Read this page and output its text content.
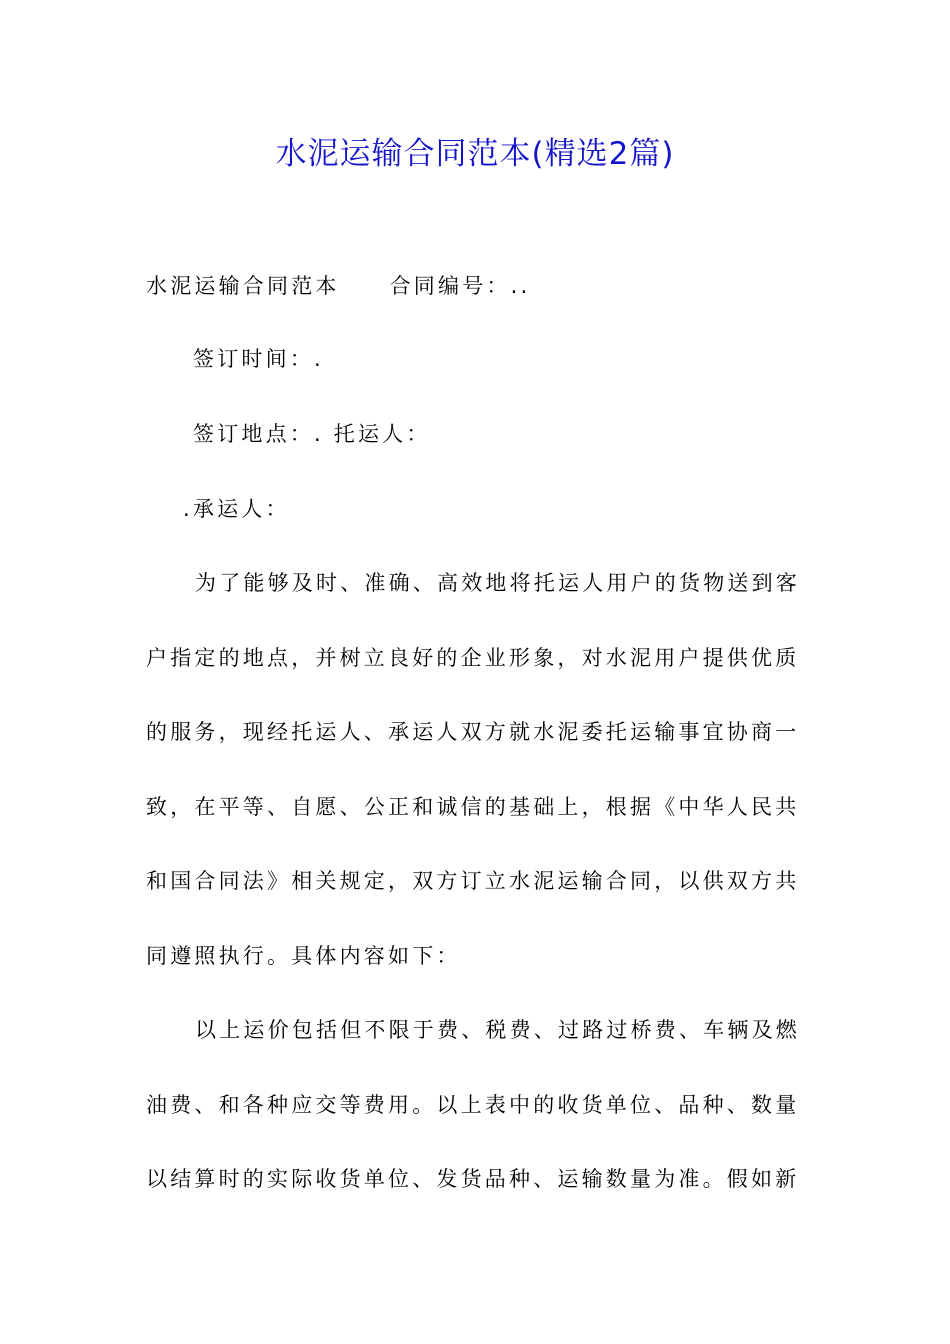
水泥运输合同范本(精选2篇)
水泥运输合同范本 合同编号：..
签订时间：.
签订地点：. 托运人：
.承运人：
为了能够及时、准确、高效地将托运人用户的货物送到客
户指定的地点，并树立良好的企业形象，对水泥用户提供优质
的服务，现经托运人、承运人双方就水泥委托运输事宜协商一
致，在平等、自愿、公正和诚信的基础上，根据《中华人民共
和国合同法》相关规定，双方订立水泥运输合同，以供双方共
同遵照执行。具体内容如下：
以上运价包括但不限于费、税费、过路过桥费、车辆及燃
油费、和各种应交等费用。以上表中的收货单位、品种、数量
以结算时的实际收货单位、发货品种、运输数量为准。假如新
